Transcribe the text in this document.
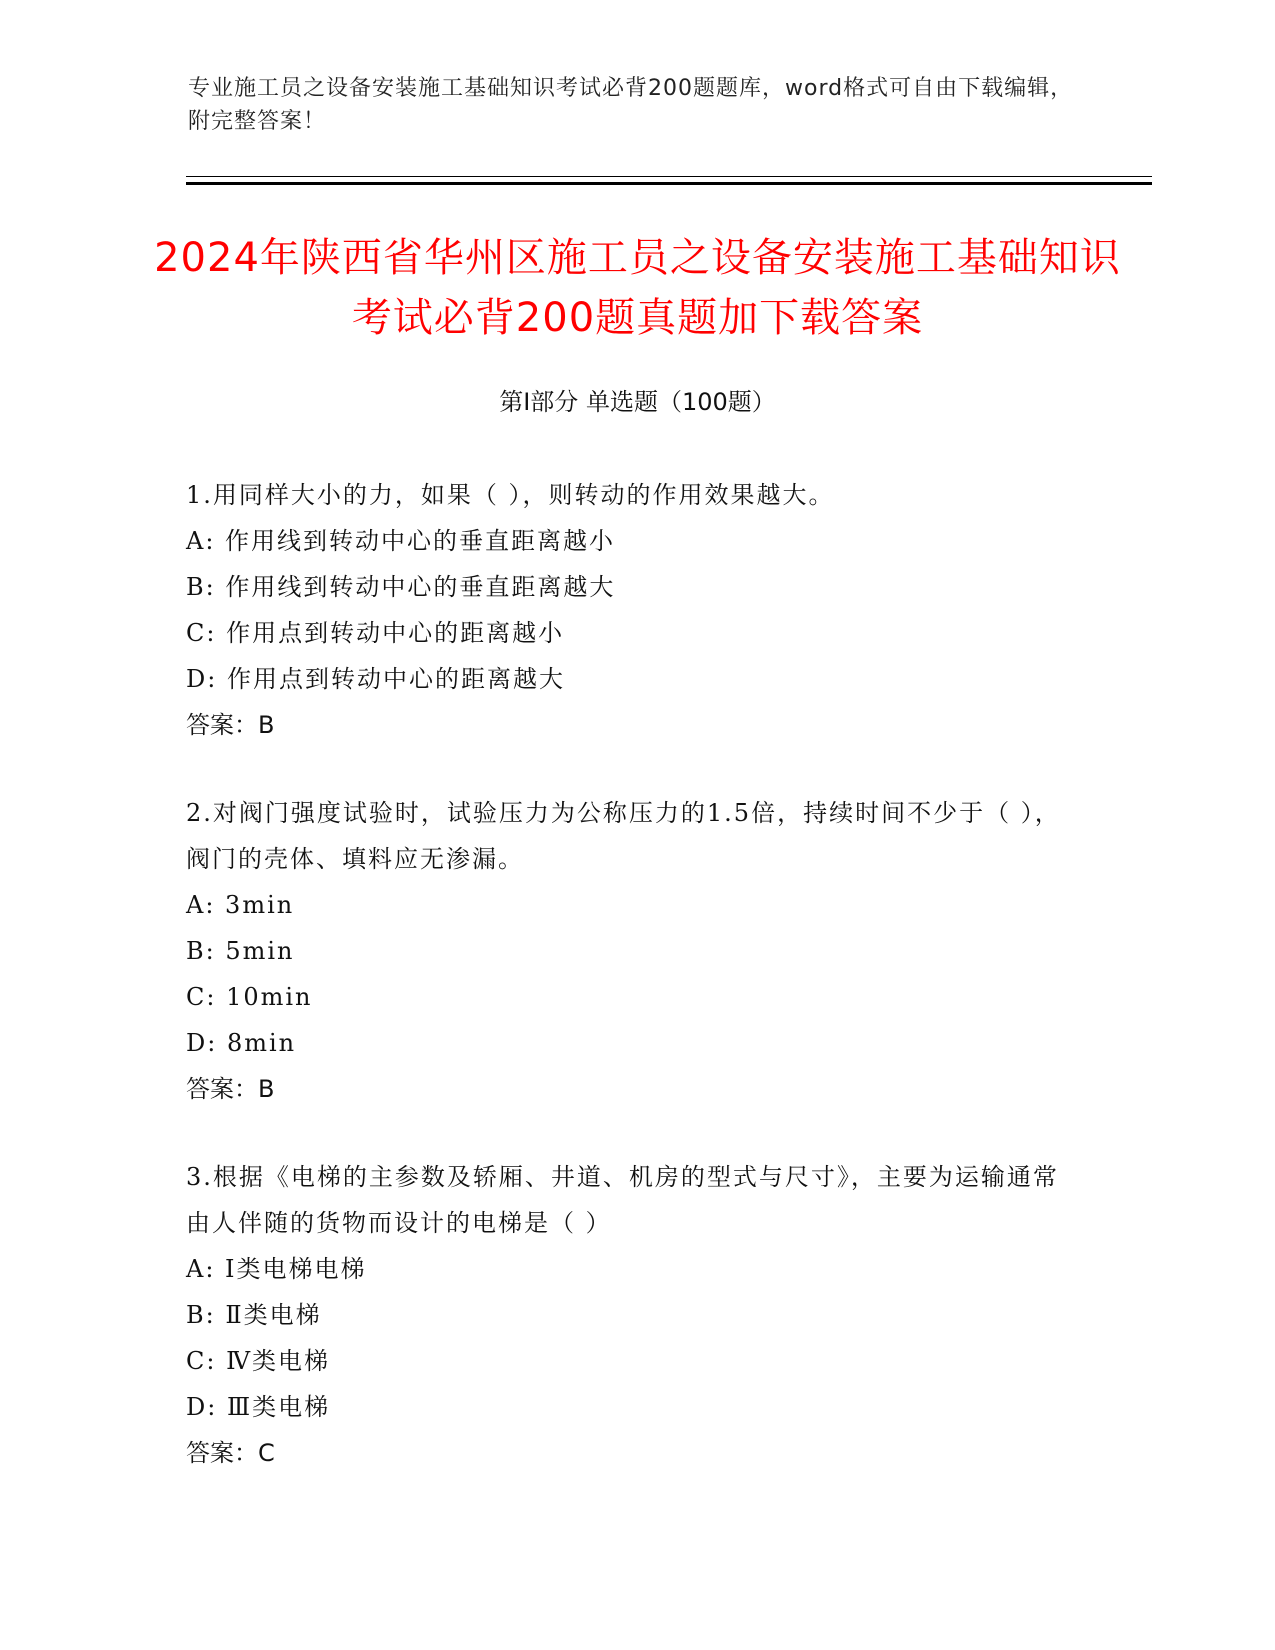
专业施工员之设备安装施工基础知识考试必背200题题库，word格式可自由下载编辑，附完整答案！
2024年陕西省华州区施工员之设备安装施工基础知识考试必背200题真题加下载答案
第Ⅰ部分 单选题（100题）
1.用同样大小的力，如果（ ），则转动的作用效果越大。
A: 作用线到转动中心的垂直距离越小
B: 作用线到转动中心的垂直距离越大
C: 作用点到转动中心的距离越小
D: 作用点到转动中心的距离越大
答案：B
2.对阀门强度试验时，试验压力为公称压力的1.5倍，持续时间不少于（ ），阀门的壳体、填料应无渗漏。
A: 3min
B: 5min
C: 10min
D: 8min
答案：B
3.根据《电梯的主参数及轿厢、井道、机房的型式与尺寸》，主要为运输通常由人伴随的货物而设计的电梯是（ ）
A: Ⅰ类电梯电梯
B: Ⅱ类电梯
C: Ⅳ类电梯
D: Ⅲ类电梯
答案：C
